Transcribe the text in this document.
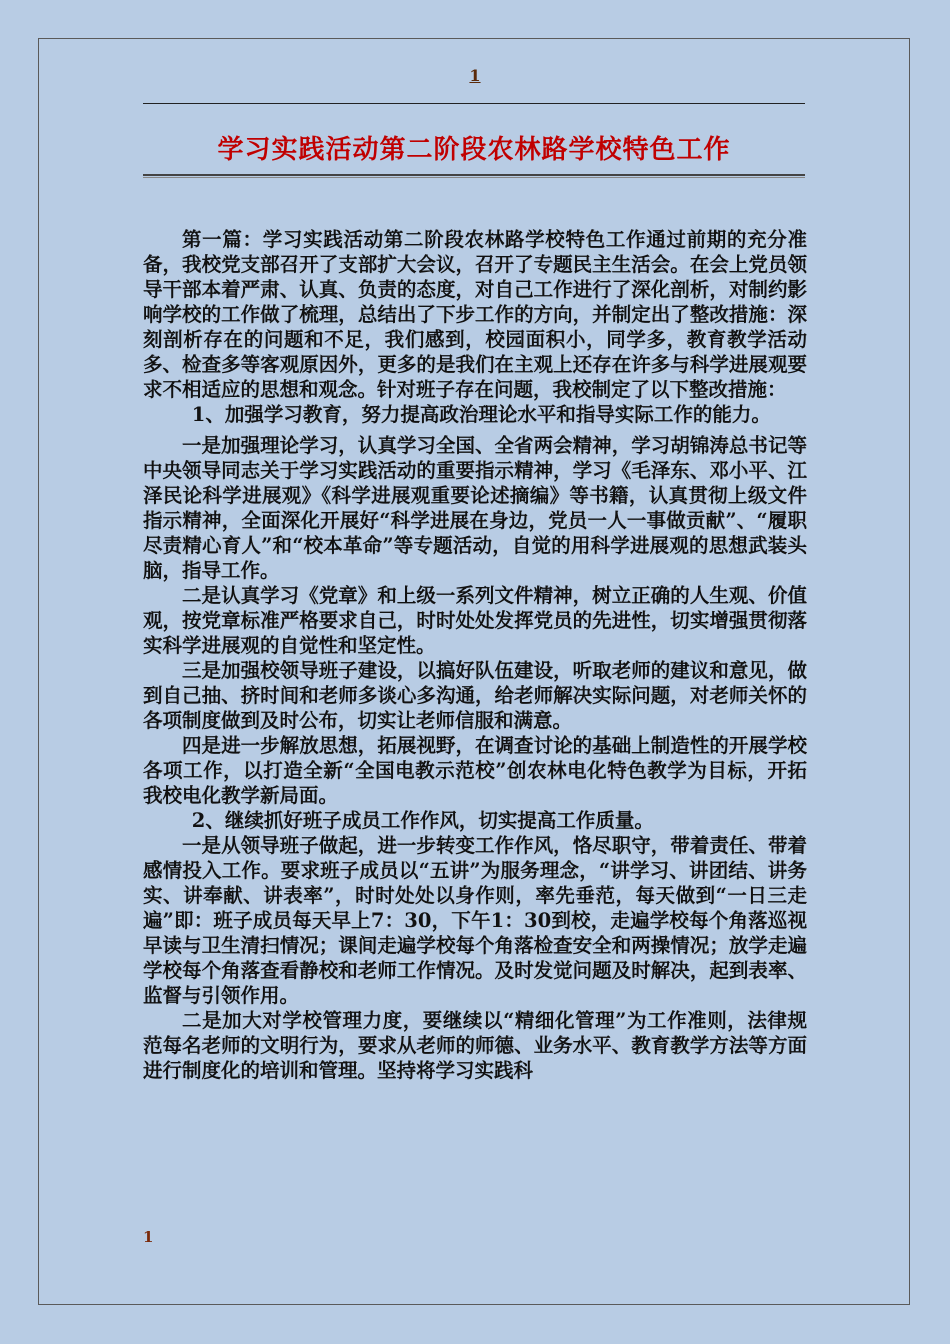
1
学习实践活动第二阶段农林路学校特色工作

第一篇：学习实践活动第二阶段农林路学校特色工作通过前期的充分准备，我校党支部召开了支部扩大会议，召开了专题民主生活会。在会上党员领导干部本着严肃、认真、负责的态度，对自己工作进行了深化剖析，对制约影响学校的工作做了梳理，总结出了下步工作的方向，并制定出了整改措施：深刻剖析存在的问题和不足，我们感到，校园面积小，同学多，教育教学活动多、检查多等客观原因外，更多的是我们在主观上还存在许多与科学进展观要求不相适应的思想和观念。针对班子存在问题，我校制定了以下整改措施：

1、加强学习教育，努力提高政治理论水平和指导实际工作的能力。

一是加强理论学习，认真学习全国、全省两会精神，学习胡锦涛总书记等中央领导同志关于学习实践活动的重要指示精神，学习《毛泽东、邓小平、江泽民论科学进展观》《科学进展观重要论述摘编》等书籍，认真贯彻上级文件指示精神，全面深化开展好“科学进展在身边，党员一人一事做贡献”、“履职尽责精心育人”和“校本革命”等专题活动，自觉的用科学进展观的思想武装头脑，指导工作。

二是认真学习《党章》和上级一系列文件精神，树立正确的人生观、价值观，按党章标准严格要求自己，时时处处发挥党员的先进性，切实增强贯彻落实科学进展观的自觉性和坚定性。

三是加强校领导班子建设，以搞好队伍建设，听取老师的建议和意见，做到自己抽、挤时间和老师多谈心多沟通，给老师解决实际问题，对老师关怀的各项制度做到及时公布，切实让老师信服和满意。

四是进一步解放思想，拓展视野，在调查讨论的基础上制造性的开展学校各项工作，以打造全新“全国电教示范校”创农林电化特色教学为目标，开拓我校电化教学新局面。

2、继续抓好班子成员工作作风，切实提高工作质量。

一是从领导班子做起，进一步转变工作作风，恪尽职守，带着责任、带着感情投入工作。要求班子成员以“五讲”为服务理念，“讲学习、讲团结、讲务实、讲奉献、讲表率”，时时处处以身作则，率先垂范，每天做到“一日三走遍”即：班子成员每天早上7：30，下午1：30到校，走遍学校每个角落巡视早读与卫生清扫情况；课间走遍学校每个角落检查安全和两操情况；放学走遍学校每个角落查看静校和老师工作情况。及时发觉问题及时解决，起到表率、监督与引领作用。

二是加大对学校管理力度，要继续以“精细化管理”为工作准则，法律规范每名老师的文明行为，要求从老师的师德、业务水平、教育教学方法等方面进行制度化的培训和管理。坚持将学习实践科

1
